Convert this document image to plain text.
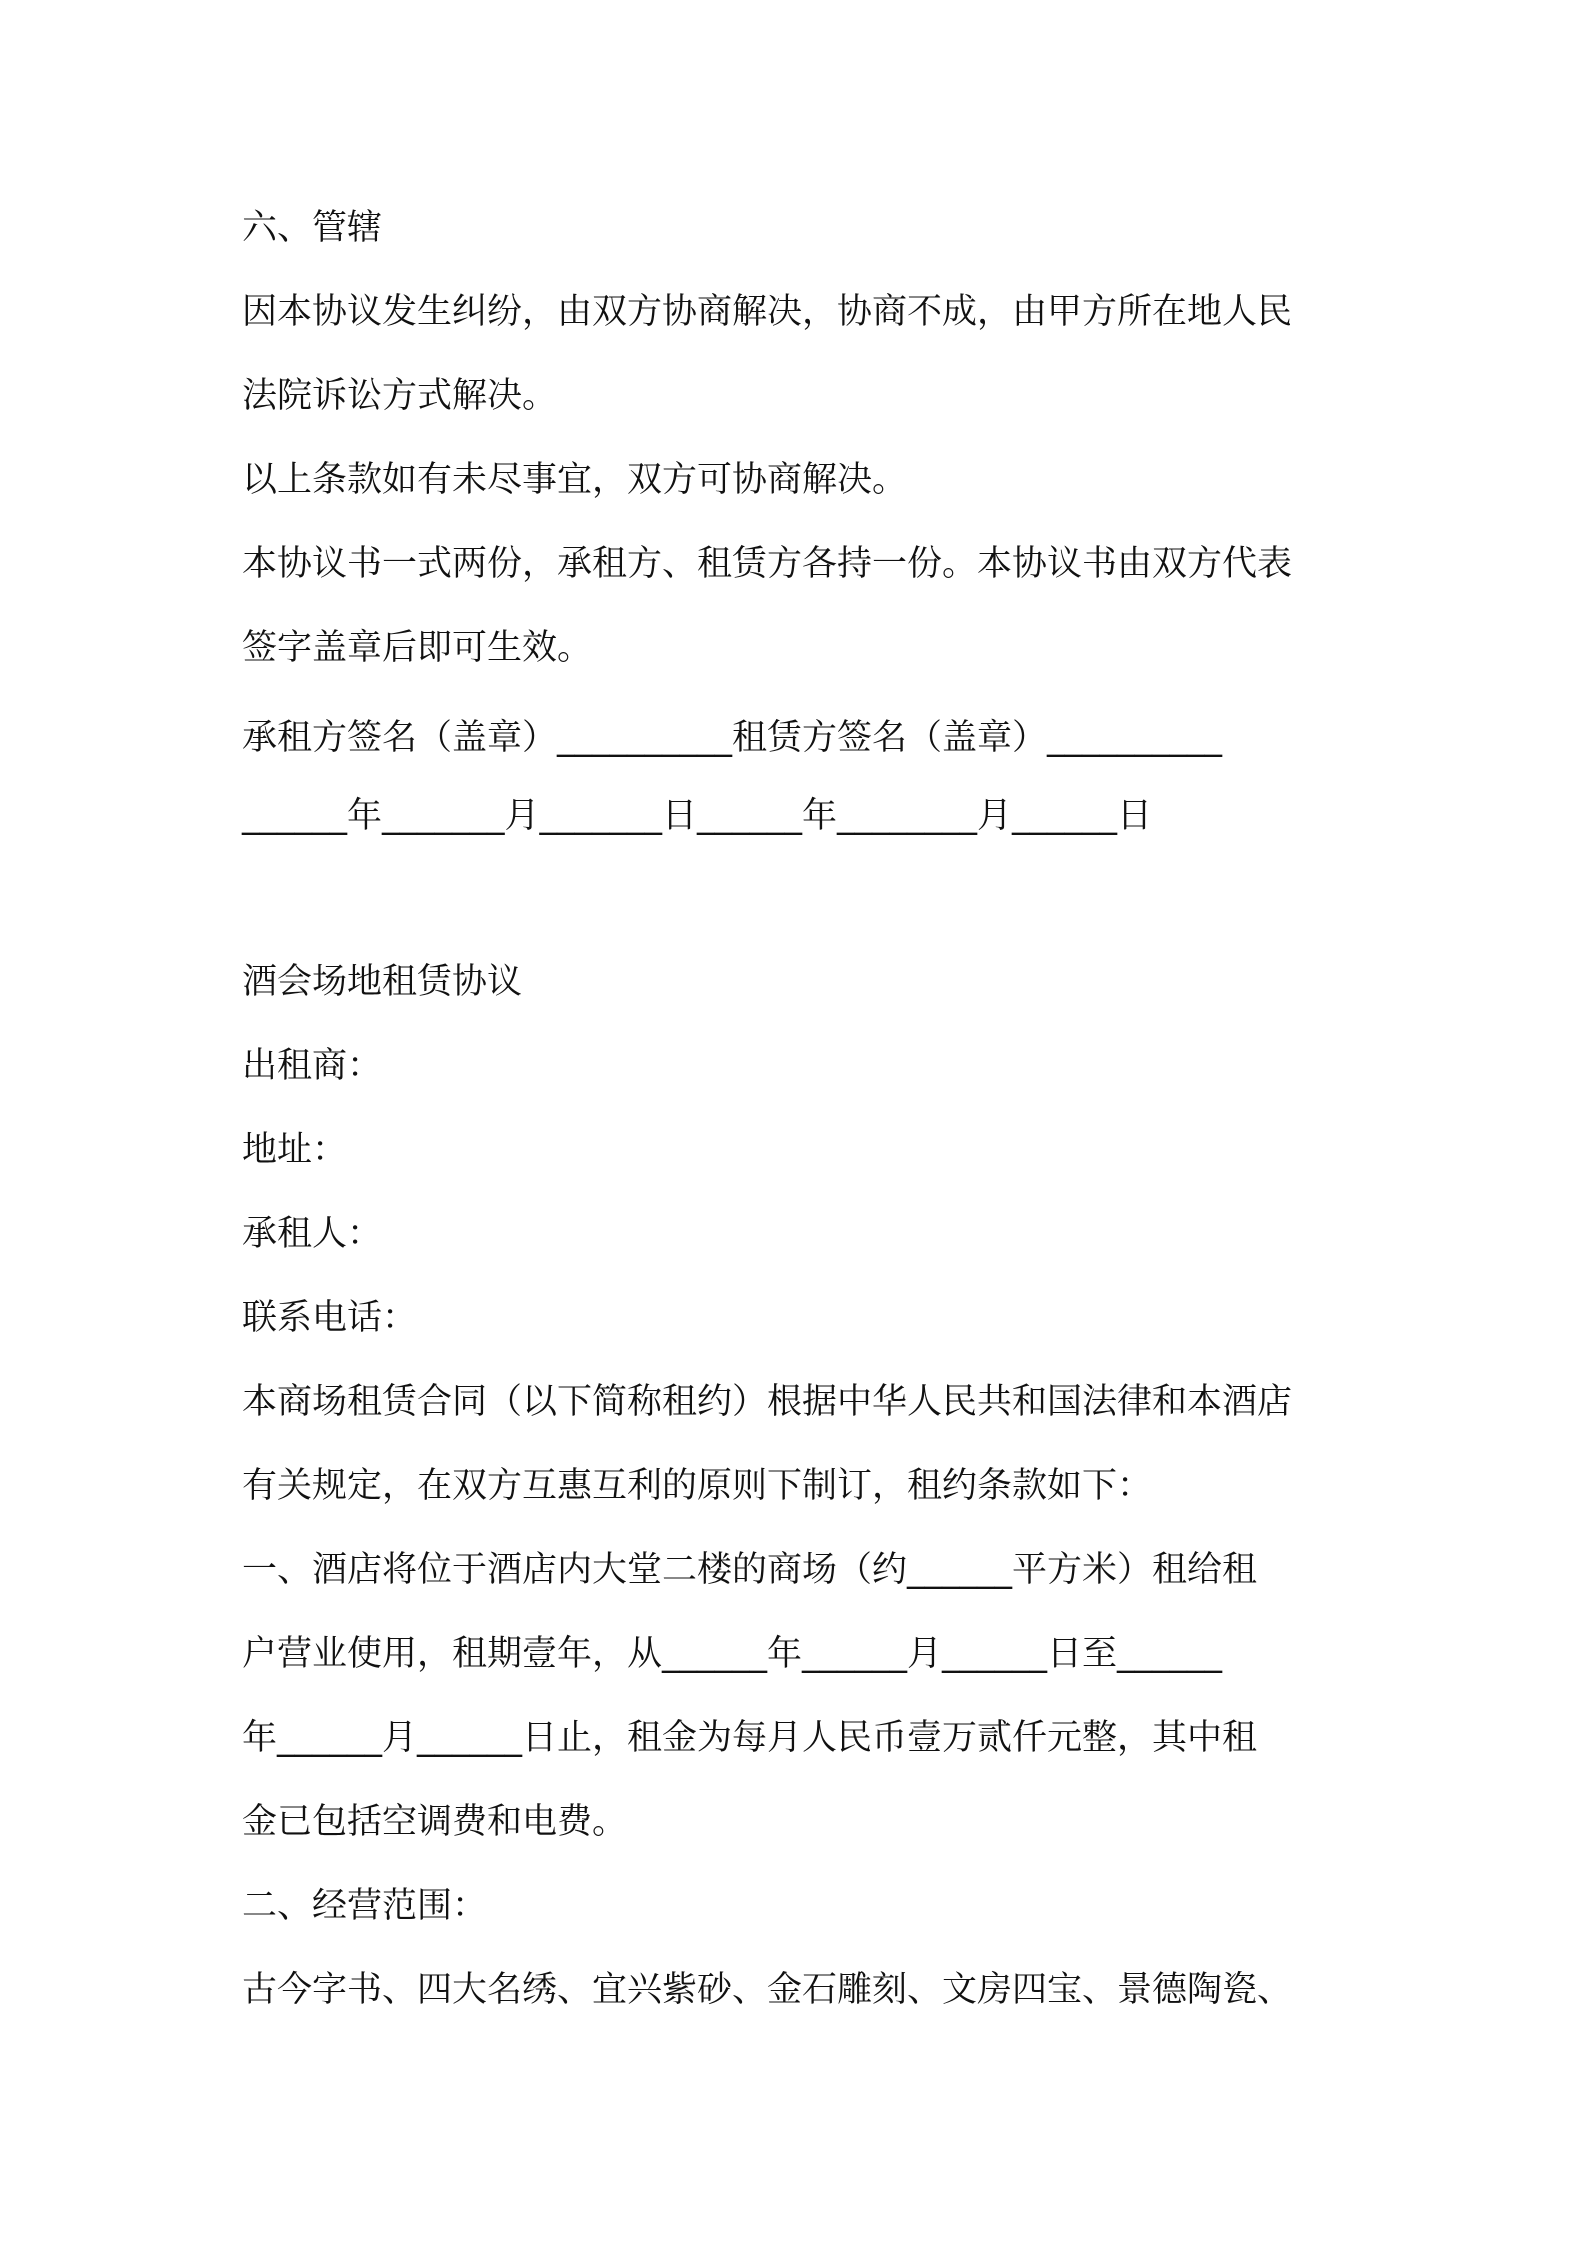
六、管辖
因本协议发生纠纷，由双方协商解决，协商不成，由甲方所在地人民
法院诉讼方式解决。
以上条款如有未尽事宜，双方可协商解决。
本协议书一式两份，承租方、租赁方各持一份。本协议书由双方代表
签字盖章后即可生效。
承租方签名（盖章）__________租赁方签名（盖章）__________
______年_______月_______日______年________月______日
酒会场地租赁协议
出租商：
地址：
承租人：
联系电话：
本商场租赁合同（以下简称租约）根据中华人民共和国法律和本酒店
有关规定，在双方互惠互利的原则下制订，租约条款如下：
一、酒店将位于酒店内大堂二楼的商场（约______平方米）租给租
户营业使用，租期壹年，从______年______月______日至______
年______月______日止，租金为每月人民币壹万贰仟元整，其中租
金已包括空调费和电费。
二、经营范围：
古今字书、四大名绣、宜兴紫砂、金石雕刻、文房四宝、景德陶瓷、
